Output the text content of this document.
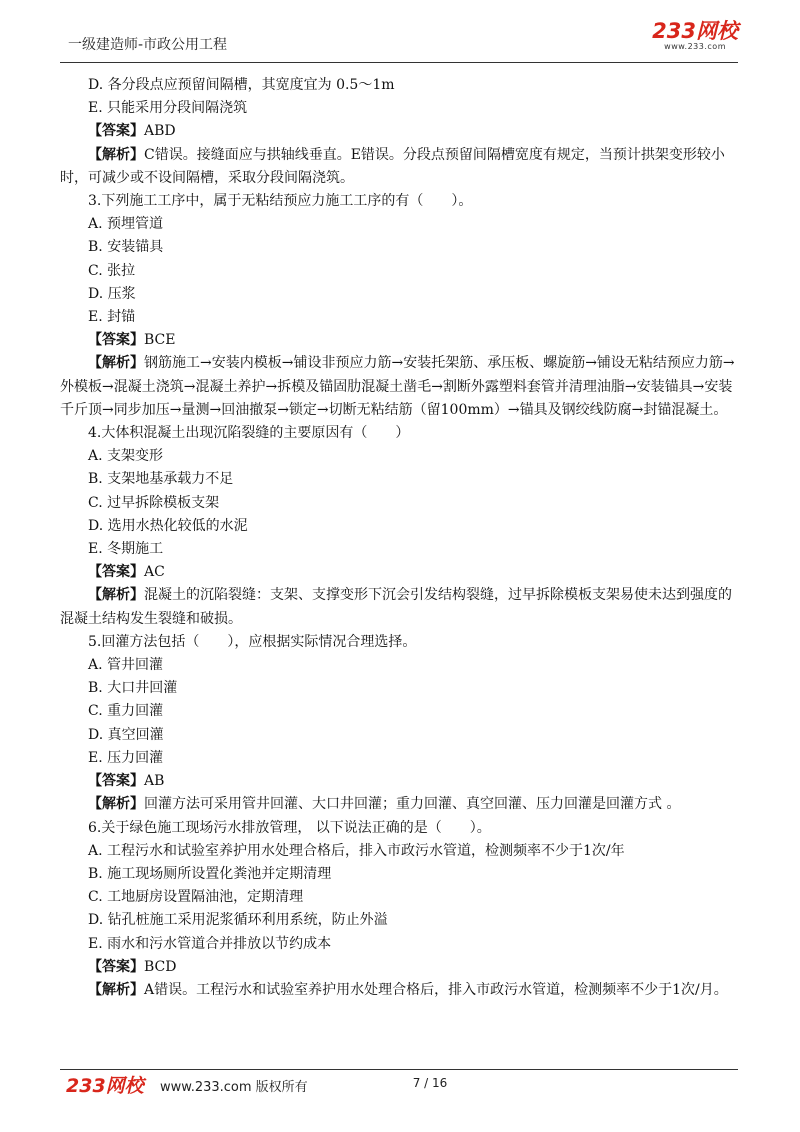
一级建造师-市政公用工程
233网校
www.233.com
D. 各分段点应预留间隔槽，其宽度宜为 0.5～1m
E. 只能采用分段间隔浇筑
【答案】ABD
【解析】C错误。接缝面应与拱轴线垂直。E错误。分段点预留间隔槽宽度有规定，当预计拱架变形较小时，可减少或不设间隔槽，采取分段间隔浇筑。
3.下列施工工序中，属于无粘结预应力施工工序的有（　　）。
A. 预埋管道
B. 安装锚具
C. 张拉
D. 压浆
E. 封锚
【答案】BCE
【解析】钢筋施工→安装内模板→铺设非预应力筋→安装托架筋、承压板、螺旋筋→铺设无粘结预应力筋→外模板→混凝土浇筑→混凝土养护→拆模及锚固肋混凝土凿毛→割断外露塑料套管并清理油脂→安装锚具→安装千斤顶→同步加压→量测→回油撤泵→锁定→切断无粘结筋（留100mm）→锚具及钢绞线防腐→封锚混凝土。
4.大体积混凝土出现沉陷裂缝的主要原因有（　　）
A. 支架变形
B. 支架地基承载力不足
C. 过早拆除模板支架
D. 选用水热化较低的水泥
E. 冬期施工
【答案】AC
【解析】混凝土的沉陷裂缝：支架、支撑变形下沉会引发结构裂缝，过早拆除模板支架易使未达到强度的混凝土结构发生裂缝和破损。
5.回灌方法包括（　　），应根据实际情况合理选择。
A. 管井回灌
B. 大口井回灌
C. 重力回灌
D. 真空回灌
E. 压力回灌
【答案】AB
【解析】回灌方法可采用管井回灌、大口井回灌；重力回灌、真空回灌、压力回灌是回灌方式 。
6.关于绿色施工现场污水排放管理， 以下说法正确的是（　　）。
A. 工程污水和试验室养护用水处理合格后，排入市政污水管道，检测频率不少于1次/年
B. 施工现场厕所设置化粪池并定期清理
C. 工地厨房设置隔油池，定期清理
D. 钻孔桩施工采用泥浆循环利用系统，防止外溢
E. 雨水和污水管道合并排放以节约成本
【答案】BCD
【解析】A错误。工程污水和试验室养护用水处理合格后，排入市政污水管道，检测频率不少于1次/月。
233网校 www.233.com 版权所有	7 / 16
